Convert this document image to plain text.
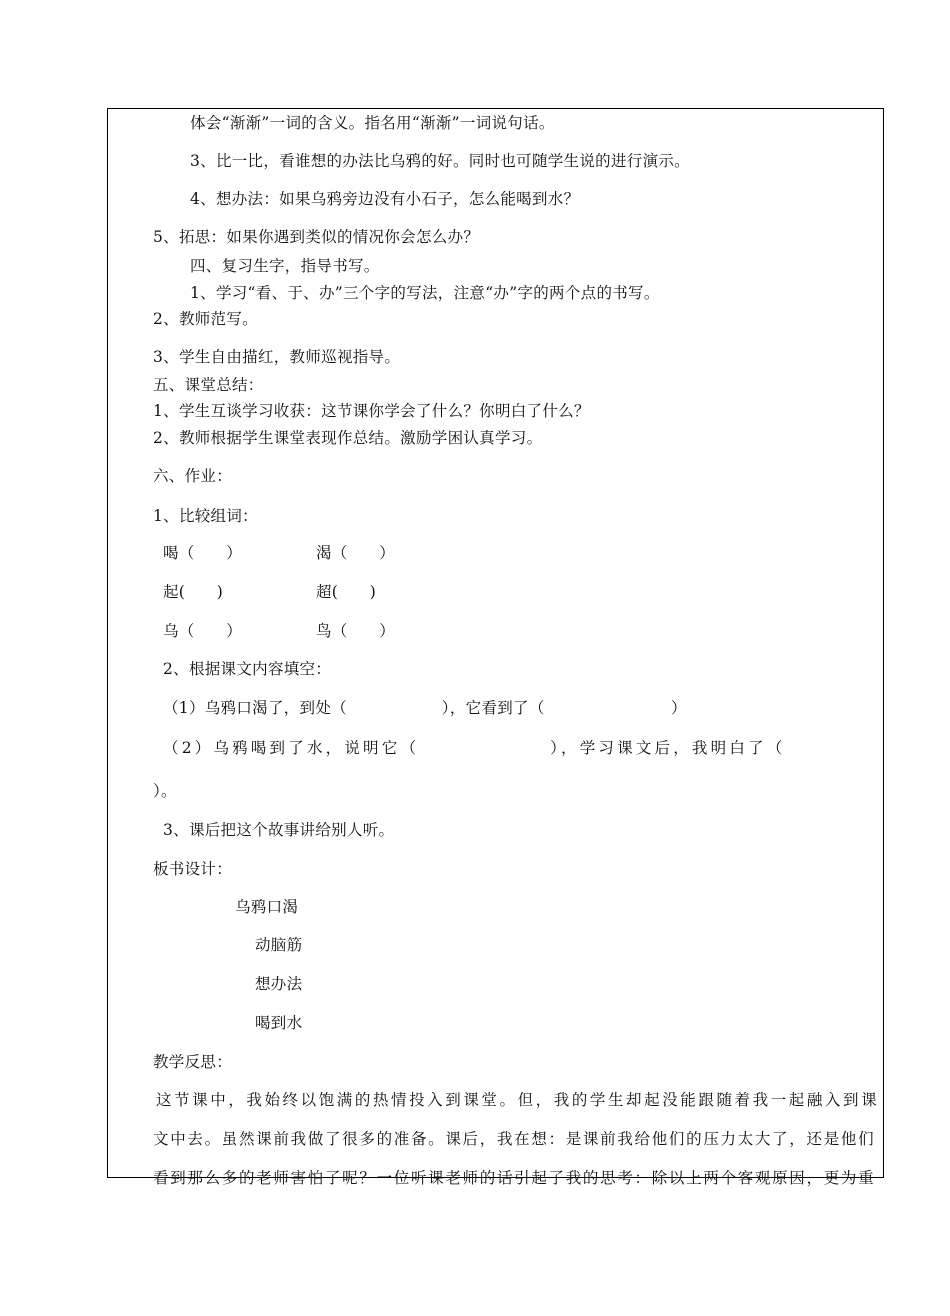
体会“渐渐”一词的含义。指名用“渐渐”一词说句话。
3、比一比，看谁想的办法比乌鸦的好。同时也可随学生说的进行演示。
4、想办法：如果乌鸦旁边没有小石子，怎么能喝到水？
5、拓思：如果你遇到类似的情况你会怎么办？
四、复习生字，指导书写。
1、学习“看、于、办”三个字的写法，注意“办”字的两个点的书写。
2、教师范写。
3、学生自由描红，教师巡视指导。
五、课堂总结：
1、学生互谈学习收获：这节课你学会了什么？你明白了什么？
2、教师根据学生课堂表现作总结。激励学困认真学习。
六、作业：
1、比较组词：
喝（　　）	渴（　　）
起(　　)	超(　　)
乌（　　）	鸟（　　）
2、根据课文内容填空：
（1）乌鸦口渴了，到处（　　　　　　），它看到了（　　　　　　　　）
（2）乌鸦喝到了水，说明它（　　　　　　　），学习课文后，我明白了（
）。
3、课后把这个故事讲给别人听。
板书设计：
乌鸦口渴
动脑筋
想办法
喝到水
教学反思：
这节课中，我始终以饱满的热情投入到课堂。但，我的学生却起没能跟随着我一起融入到课
文中去。虽然课前我做了很多的准备。课后，我在想：是课前我给他们的压力太大了，还是他们
看到那么多的老师害怕了呢？一位听课老师的话引起了我的思考：除以上两个客观原因，更为重
